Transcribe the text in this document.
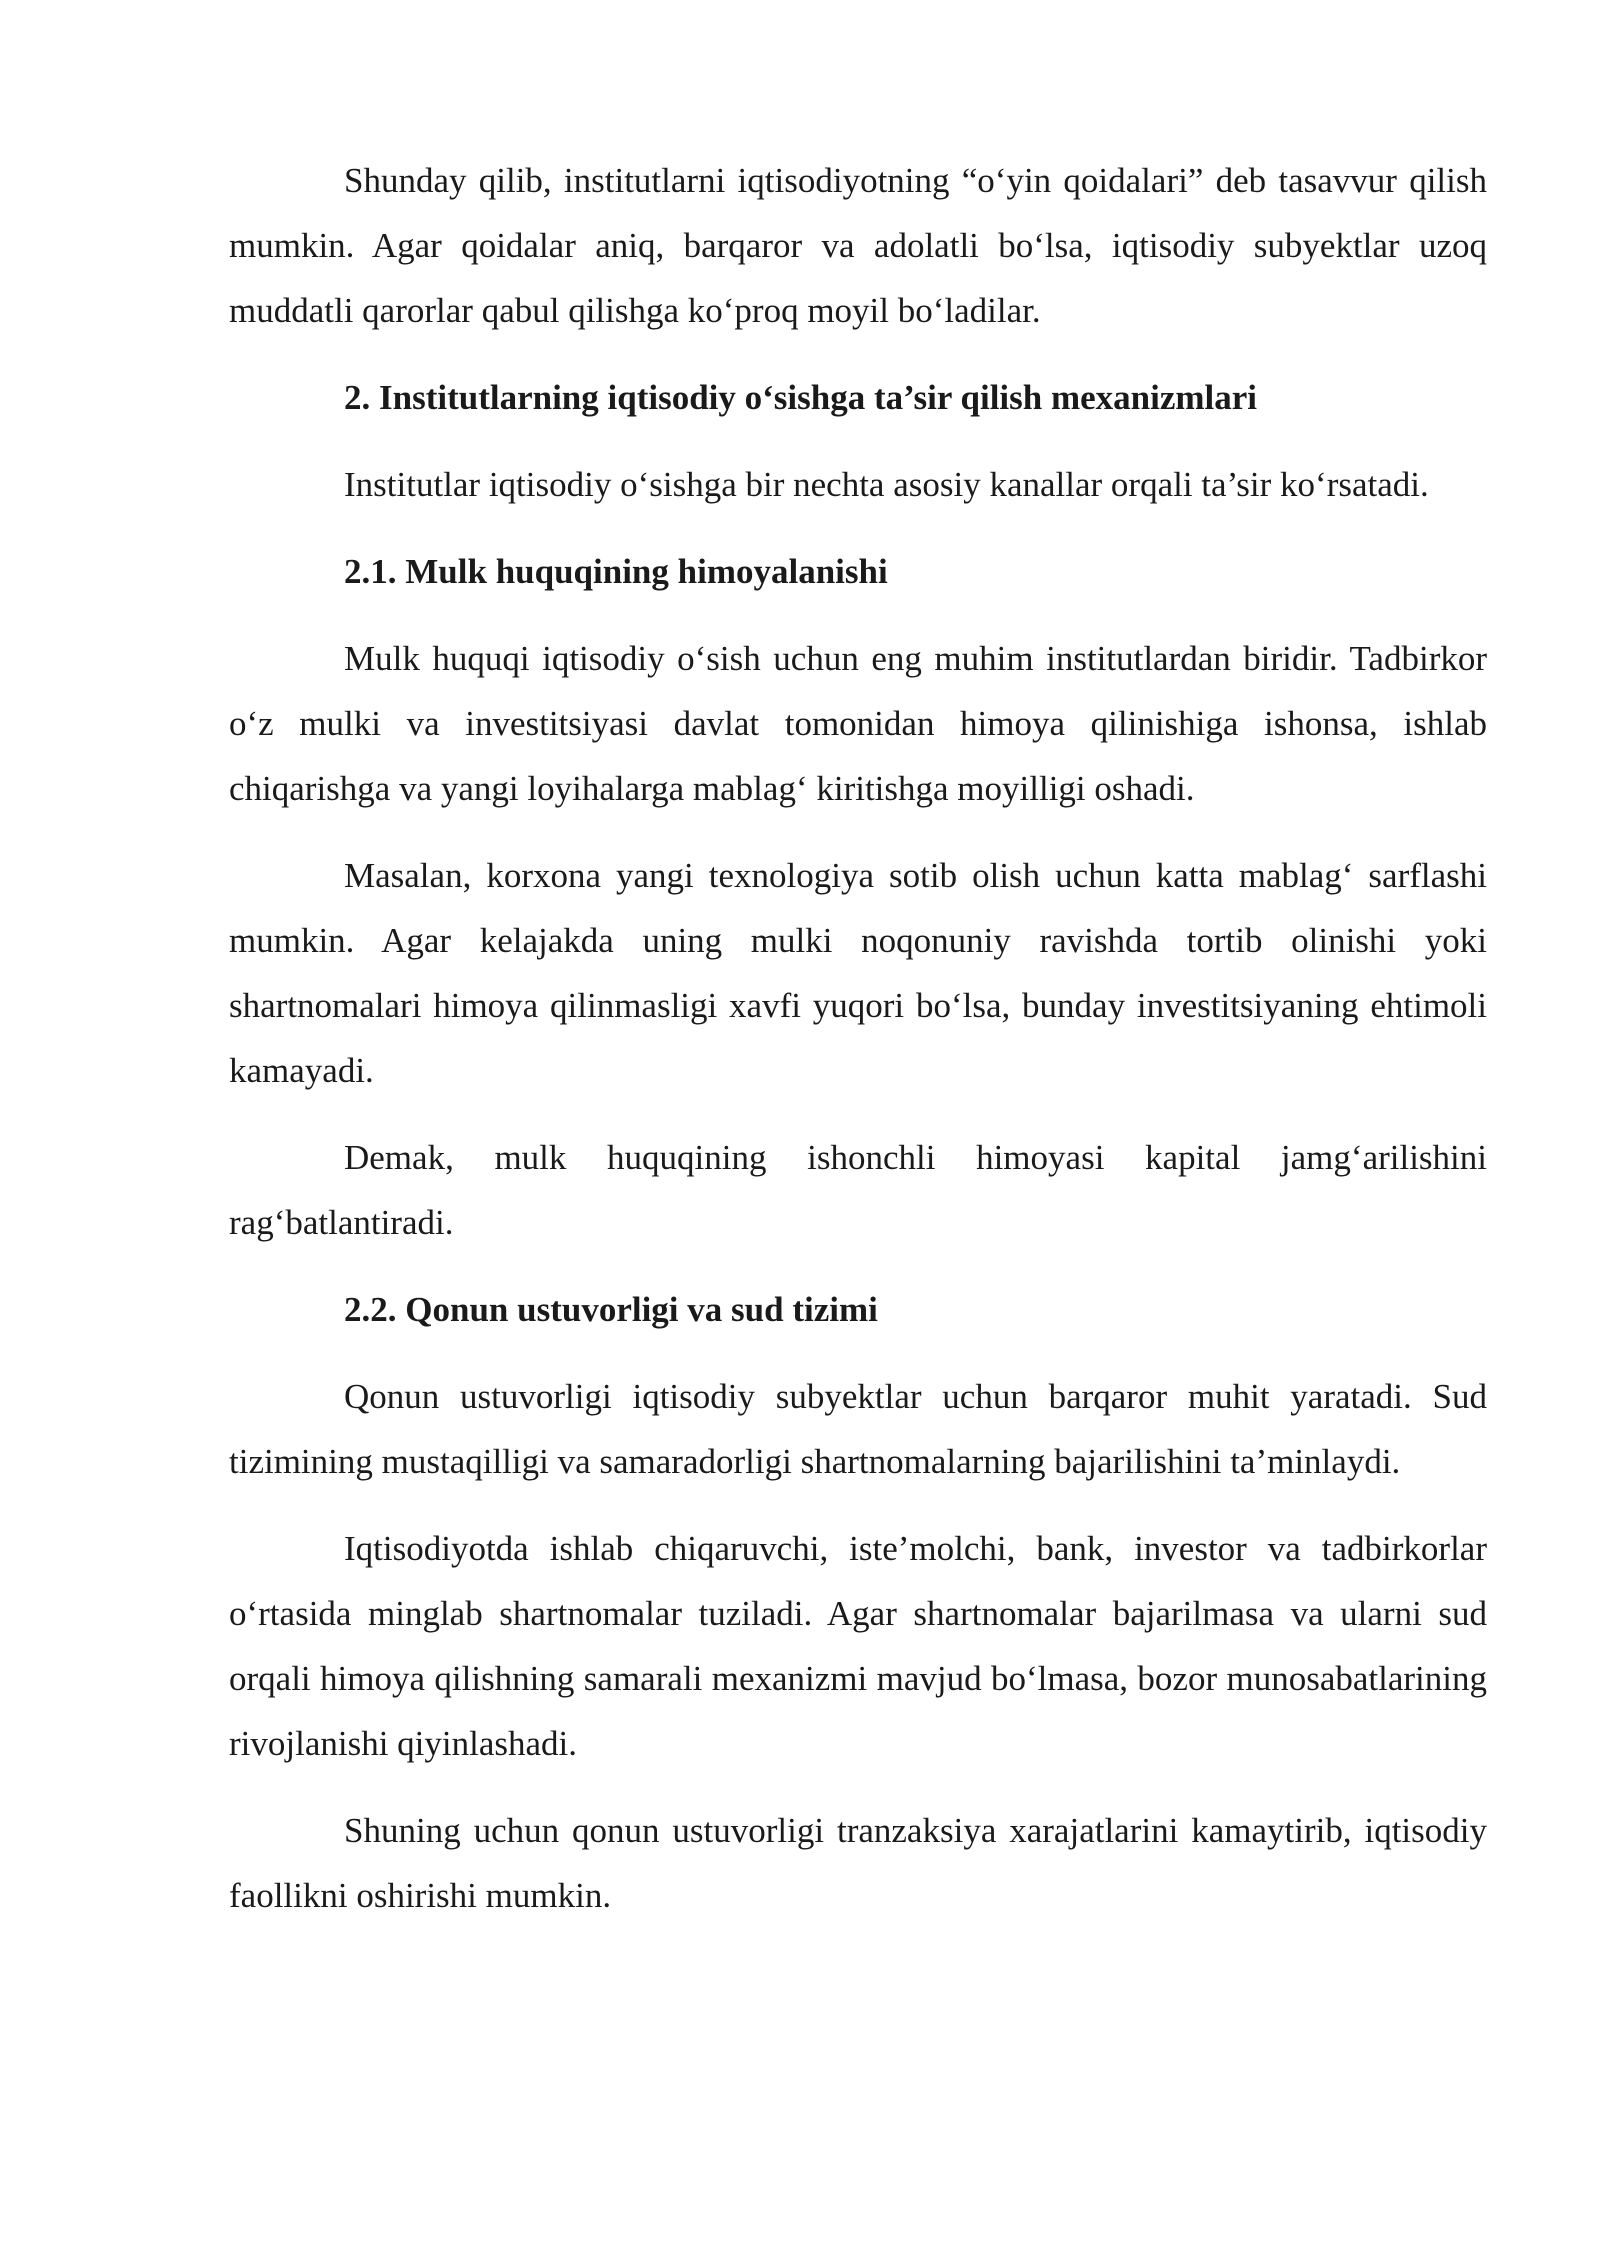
Shunday qilib, institutlarni iqtisodiyotning “o‘yin qoidalari” deb tasavvur qilish mumkin. Agar qoidalar aniq, barqaror va adolatli bo‘lsa, iqtisodiy subyektlar uzoq muddatli qarorlar qabul qilishga ko‘proq moyil bo‘ladilar.

2. Institutlarning iqtisodiy o‘sishga ta’sir qilish mexanizmlari

Institutlar iqtisodiy o‘sishga bir nechta asosiy kanallar orqali ta’sir ko‘rsatadi.

2.1. Mulk huquqining himoyalanishi

Mulk huquqi iqtisodiy o‘sish uchun eng muhim institutlardan biridir. Tadbirkor o‘z mulki va investitsiyasi davlat tomonidan himoya qilinishiga ishonsa, ishlab chiqarishga va yangi loyihalarga mablag‘ kiritishga moyilligi oshadi.

Masalan, korxona yangi texnologiya sotib olish uchun katta mablag‘ sarflashi mumkin. Agar kelajakda uning mulki noqonuniy ravishda tortib olinishi yoki shartnomalari himoya qilinmasligi xavfi yuqori bo‘lsa, bunday investitsiyaning ehtimoli kamayadi.

Demak, mulk huquqining ishonchli himoyasi kapital jamg‘arilishini rag‘batlantiradi.

2.2. Qonun ustuvorligi va sud tizimi

Qonun ustuvorligi iqtisodiy subyektlar uchun barqaror muhit yaratadi. Sud tizimining mustaqilligi va samaradorligi shartnomalarning bajarilishini ta’minlaydi.

Iqtisodiyotda ishlab chiqaruvchi, iste’molchi, bank, investor va tadbirkorlar o‘rtasida minglab shartnomalar tuziladi. Agar shartnomalar bajarilmasa va ularni sud orqali himoya qilishning samarali mexanizmi mavjud bo‘lmasa, bozor munosabatlarining rivojlanishi qiyinlashadi.

Shuning uchun qonun ustuvorligi tranzaksiya xarajatlarini kamaytirib, iqtisodiy faollikni oshirishi mumkin.
